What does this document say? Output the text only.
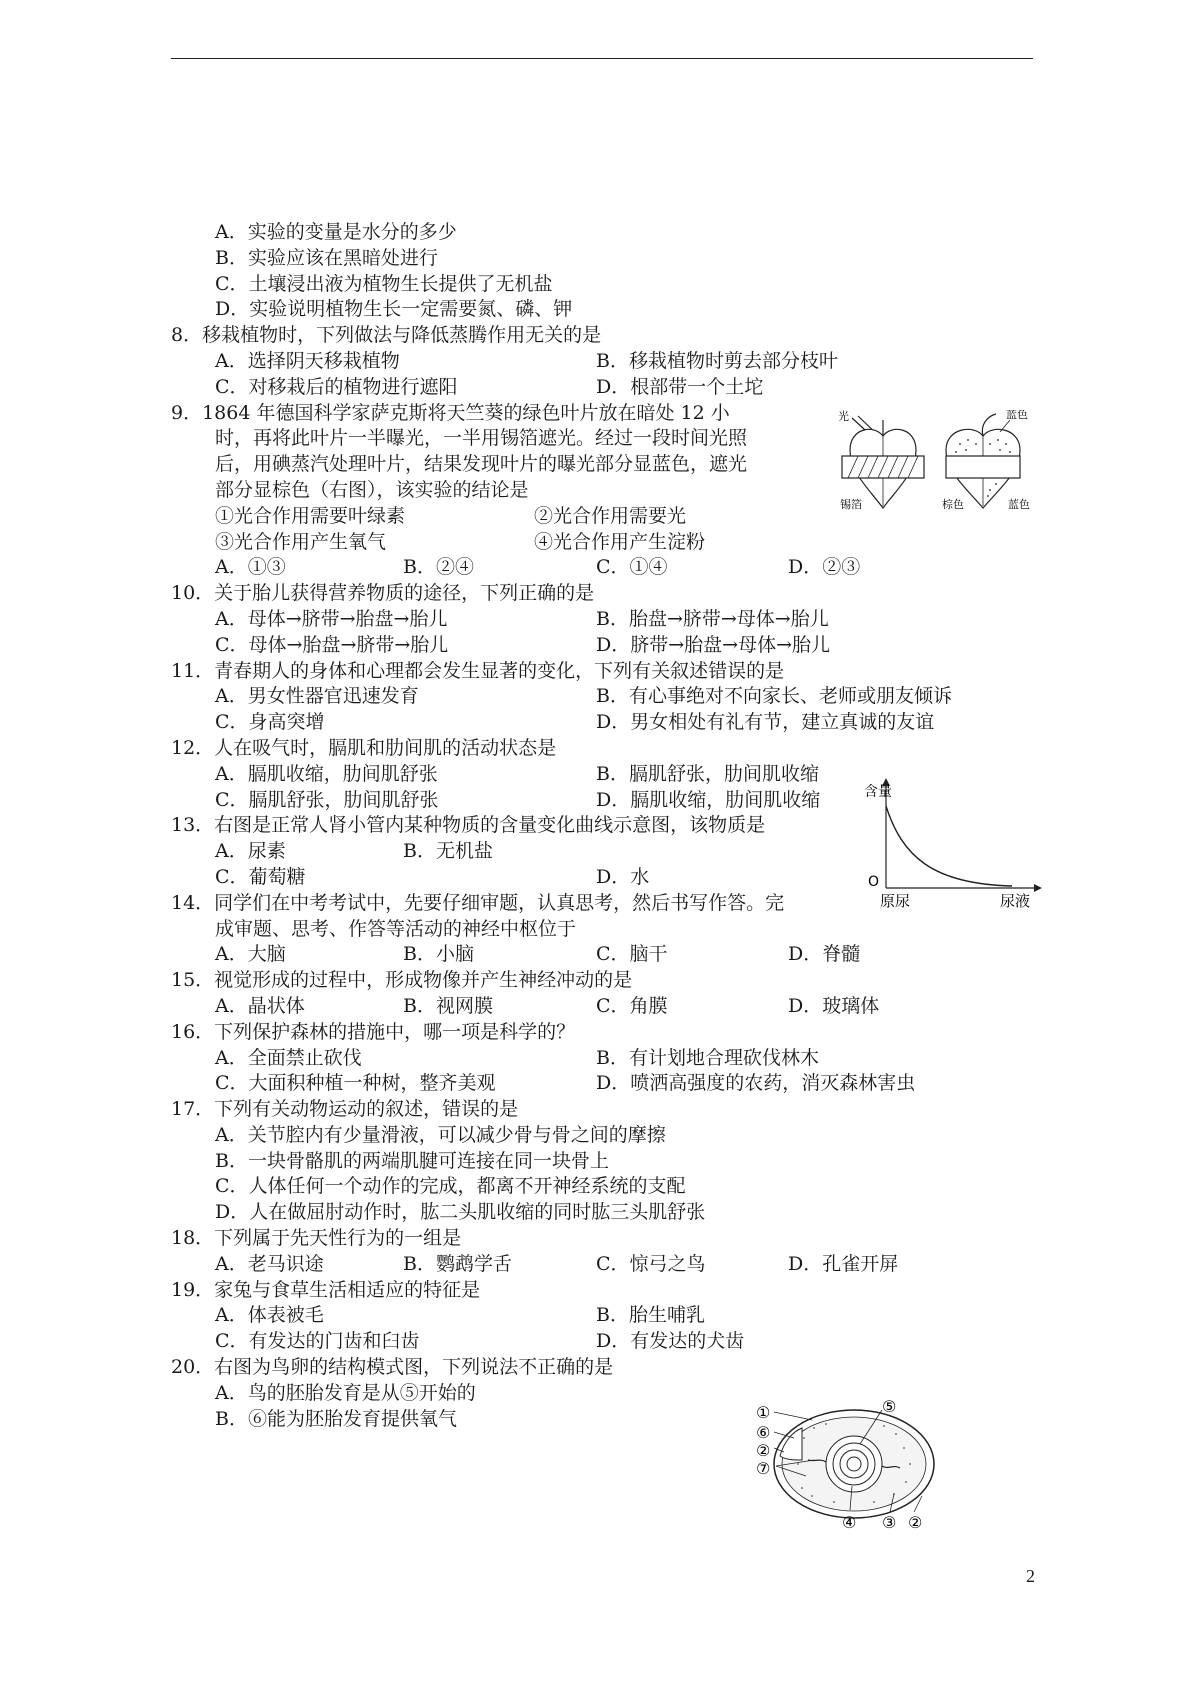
A．实验的变量是水分的多少
B．实验应该在黑暗处进行
C．土壤浸出液为植物生长提供了无机盐
D．实验说明植物生长一定需要氮、磷、钾
8．移栽植物时，下列做法与降低蒸腾作用无关的是
A．选择阴天移栽植物	B．移栽植物时剪去部分枝叶
C．对移栽后的植物进行遮阳	D．根部带一个土坨
9．1864 年德国科学家萨克斯将天竺葵的绿色叶片放在暗处 12 小
时，再将此叶片一半曝光，一半用锡箔遮光。经过一段时间光照
后，用碘蒸汽处理叶片，结果发现叶片的曝光部分显蓝色，遮光
部分显棕色（右图），该实验的结论是
①光合作用需要叶绿素	②光合作用需要光
③光合作用产生氧气	④光合作用产生淀粉
A．①③	B．②④	C．①④	D．②③
10．关于胎儿获得营养物质的途径，下列正确的是
A．母体→脐带→胎盘→胎儿	B．胎盘→脐带→母体→胎儿
C．母体→胎盘→脐带→胎儿	D．脐带→胎盘→母体→胎儿
11．青春期人的身体和心理都会发生显著的变化，下列有关叙述错误的是
A．男女性器官迅速发育	B．有心事绝对不向家长、老师或朋友倾诉
C．身高突增	D．男女相处有礼有节，建立真诚的友谊
12．人在吸气时，膈肌和肋间肌的活动状态是
A．膈肌收缩，肋间肌舒张	B．膈肌舒张，肋间肌收缩
C．膈肌舒张，肋间肌舒张	D．膈肌收缩，肋间肌收缩
13．右图是正常人肾小管内某种物质的含量变化曲线示意图，该物质是
A．尿素	B．无机盐
C．葡萄糖	D．水
14．同学们在中考考试中，先要仔细审题，认真思考，然后书写作答。完
成审题、思考、作答等活动的神经中枢位于
A．大脑	B．小脑	C．脑干	D．脊髓
15．视觉形成的过程中，形成物像并产生神经冲动的是
A．晶状体	B．视网膜	C．角膜	D．玻璃体
16．下列保护森林的措施中，哪一项是科学的？
A．全面禁止砍伐	B．有计划地合理砍伐林木
C．大面积种植一种树，整齐美观	D．喷洒高强度的农药，消灭森林害虫
17．下列有关动物运动的叙述，错误的是
A．关节腔内有少量滑液，可以减少骨与骨之间的摩擦
B．一块骨骼肌的两端肌腱可连接在同一块骨上
C．人体任何一个动作的完成，都离不开神经系统的支配
D．人在做屈肘动作时，肱二头肌收缩的同时肱三头肌舒张
18．下列属于先天性行为的一组是
A．老马识途	B．鹦鹉学舌	C．惊弓之鸟	D．孔雀开屏
19．家兔与食草生活相适应的特征是
A．体表被毛	B．胎生哺乳
C．有发达的门齿和臼齿	D．有发达的犬齿
20．右图为鸟卵的结构模式图，下列说法不正确的是
A．鸟的胚胎发育是从⑤开始的
B．⑥能为胚胎发育提供氧气
光
锡箔
蓝色
棕色	蓝色
含量
O
原尿	尿液
①
⑥
②
⑦
⑤
④ ③ ②
2
